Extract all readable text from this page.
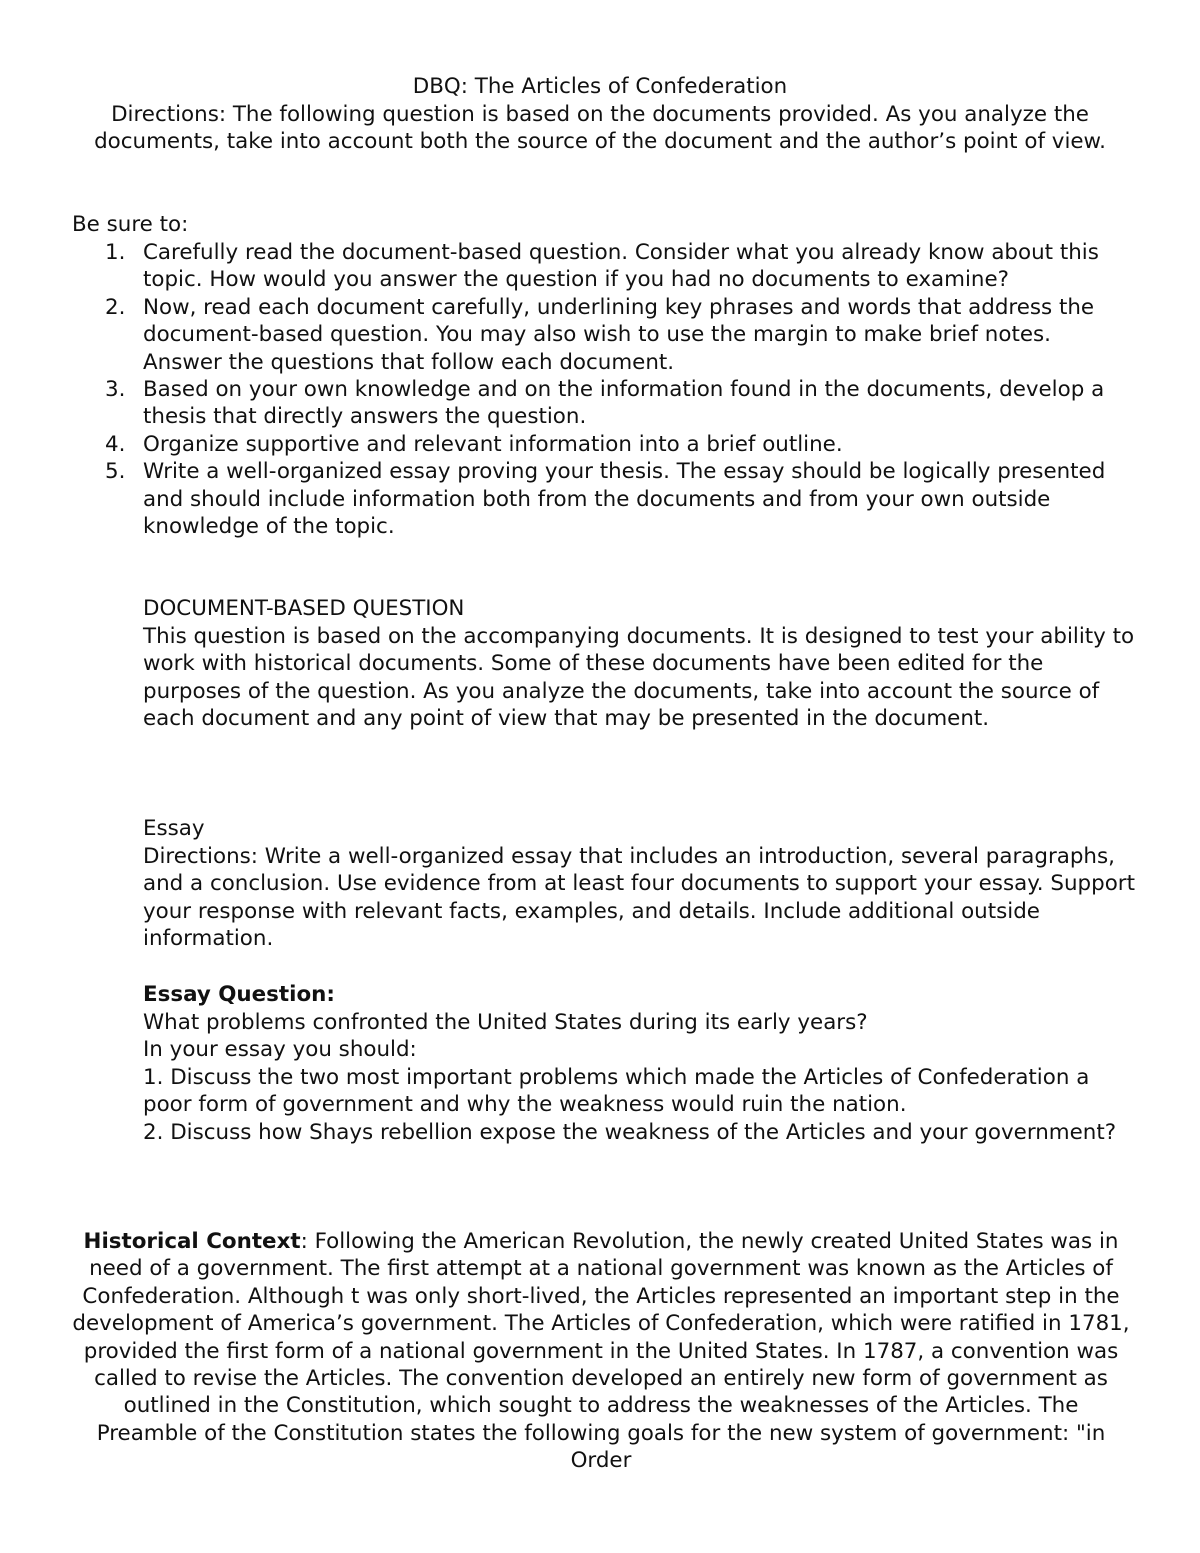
DBQ: The Articles of Confederation
Directions: The following question is based on the documents provided. As you analyze the documents, take into account both the source of the document and the author’s point of view.
Be sure to:
1. Carefully read the document-based question. Consider what you already know about this topic. How would you answer the question if you had no documents to examine?
2. Now, read each document carefully, underlining key phrases and words that address the document-based question. You may also wish to use the margin to make brief notes. Answer the questions that follow each document.
3. Based on your own knowledge and on the information found in the documents, develop a thesis that directly answers the question.
4. Organize supportive and relevant information into a brief outline.
5. Write a well-organized essay proving your thesis. The essay should be logically presented and should include information both from the documents and from your own outside knowledge of the topic.
DOCUMENT-BASED QUESTION
This question is based on the accompanying documents. It is designed to test your ability to work with historical documents. Some of these documents have been edited for the purposes of the question. As you analyze the documents, take into account the source of each document and any point of view that may be presented in the document.
Essay
Directions: Write a well-organized essay that includes an introduction, several paragraphs, and a conclusion. Use evidence from at least four documents to support your essay. Support your response with relevant facts, examples, and details. Include additional outside information.
Essay Question:
What problems confronted the United States during its early years?
In your essay you should:
1. Discuss the two most important problems which made the Articles of Confederation a poor form of government and why the weakness would ruin the nation.
2. Discuss how Shays rebellion expose the weakness of the Articles and your government?
Historical Context: Following the American Revolution, the newly created United States was in need of a government. The first attempt at a national government was known as the Articles of Confederation. Although t was only short-lived, the Articles represented an important step in the development of America’s government. The Articles of Confederation, which were ratified in 1781, provided the first form of a national government in the United States. In 1787, a convention was called to revise the Articles. The convention developed an entirely new form of government as outlined in the Constitution, which sought to address the weaknesses of the Articles. The Preamble of the Constitution states the following goals for the new system of government: "in Order
